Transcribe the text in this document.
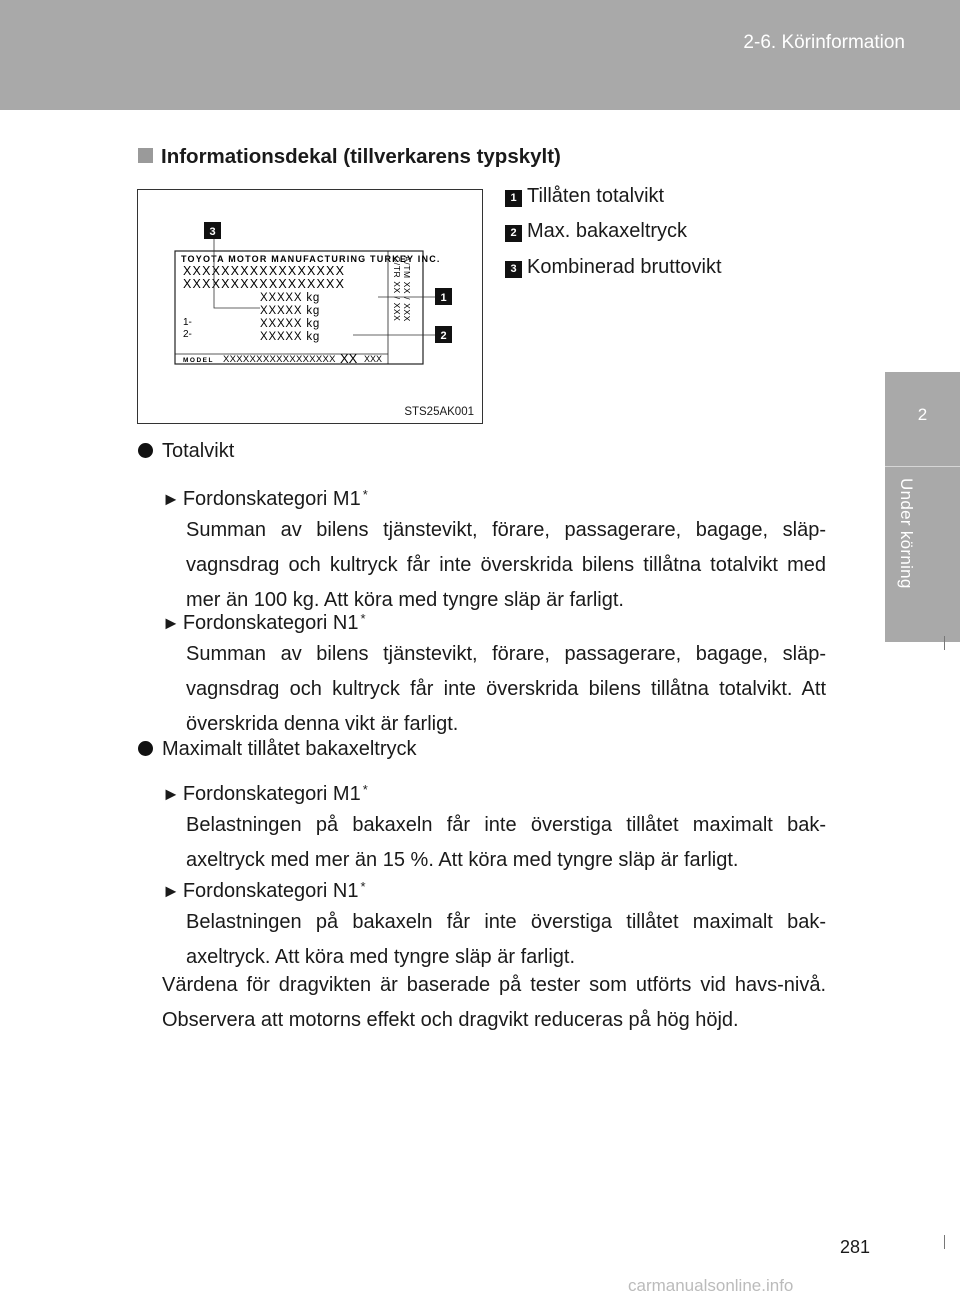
2-6. Körinformation
2
Under körning
Informationsdekal (tillverkarens typskylt)
TOYOTA MOTOR MANUFACTURING TURKEY INC.
XXXXXXXXXXXXXXXXX
XXXXXXXXXXXXXXXXX
XXXXX kg
XXXXX kg
1-	XXXXX kg
2-	XXXXX kg
MODEL XXXXXXXXXXXXXXXXX XX XXX
C/TR XX / XXX A/TM XX / XXX
3
1
2
STS25AK001
1 Tillåten totalvikt
2 Max. bakaxeltryck
3 Kombinerad bruttovikt
Totalvikt
► Fordonskategori M1 *
Summan av bilens tjänstevikt, förare, passagerare, bagage, släp-vagnsdrag och kultryck får inte överskrida bilens tillåtna totalvikt med mer än 100 kg. Att köra med tyngre släp är farligt.
► Fordonskategori N1 *
Summan av bilens tjänstevikt, förare, passagerare, bagage, släp-vagnsdrag och kultryck får inte överskrida bilens tillåtna totalvikt. Att överskrida denna vikt är farligt.
Maximalt tillåtet bakaxeltryck
► Fordonskategori M1 *
Belastningen på bakaxeln får inte överstiga tillåtet maximalt bak-axeltryck med mer än 15 %. Att köra med tyngre släp är farligt.
► Fordonskategori N1 *
Belastningen på bakaxeln får inte överstiga tillåtet maximalt bak-axeltryck. Att köra med tyngre släp är farligt.
Värdena för dragvikten är baserade på tester som utförts vid havs-nivå. Observera att motorns effekt och dragvikt reduceras på hög höjd.
281
carmanualsonline.info
